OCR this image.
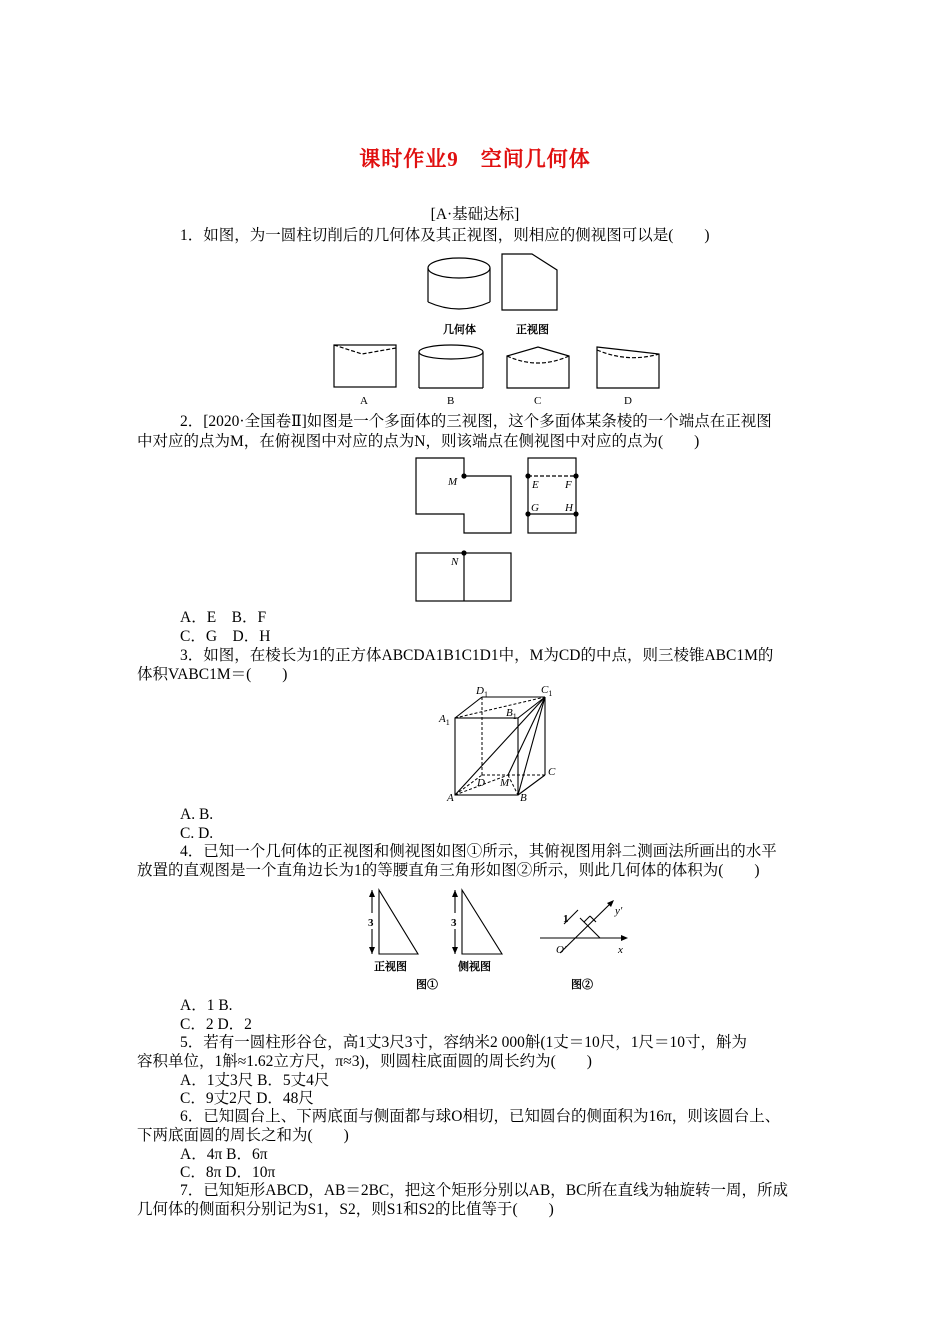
课时作业9　空间几何体
[A·基础达标]
1．如图，为一圆柱切削后的几何体及其正视图，则相应的侧视图可以是(　　)
几何体	正视图
A	B	C	D
2．[2020·全国卷Ⅱ]如图是一个多面体的三视图，这个多面体某条棱的一个端点在正视图
中对应的点为M，在俯视图中对应的点为N，则该端点在侧视图中对应的点为(　　)
M	E F
G H
N
A．E　B．F
C．G　D．H
3．如图，在棱长为1的正方体ABCDA1B1C1D1中，M为CD的中点，则三棱锥ABC1M的
体积VABC1M＝(　　)
$D_1$	$C_1$
$A_1$
$B_1$
A	B
C
D M
A. B.
C. D.
4．已知一个几何体的正视图和侧视图如图①所示，其俯视图用斜二测画法所画出的水平
放置的直观图是一个直角边长为1的等腰直角三角形如图②所示，则此几何体的体积为(　　)
3	3
正视图	侧视图
图①	图②
1
y′
x
O′
A．1 B.
C．2 D．2
5．若有一圆柱形谷仓，高1丈3尺3寸，容纳米2 000斛(1丈＝10尺，1尺＝10寸，斛为
容积单位，1斛≈1.62立方尺，π≈3)，则圆柱底面圆的周长约为(　　)
A．1丈3尺 B．5丈4尺
C．9丈2尺 D．48尺
6．已知圆台上、下两底面与侧面都与球O相切，已知圆台的侧面积为16π，则该圆台上、
下两底面圆的周长之和为(　　)
A．4π B．6π
C．8π D．10π
7．已知矩形ABCD，AB＝2BC，把这个矩形分别以AB，BC所在直线为轴旋转一周，所成
几何体的侧面积分别记为S1，S2，则S1和S2的比值等于(　　)
